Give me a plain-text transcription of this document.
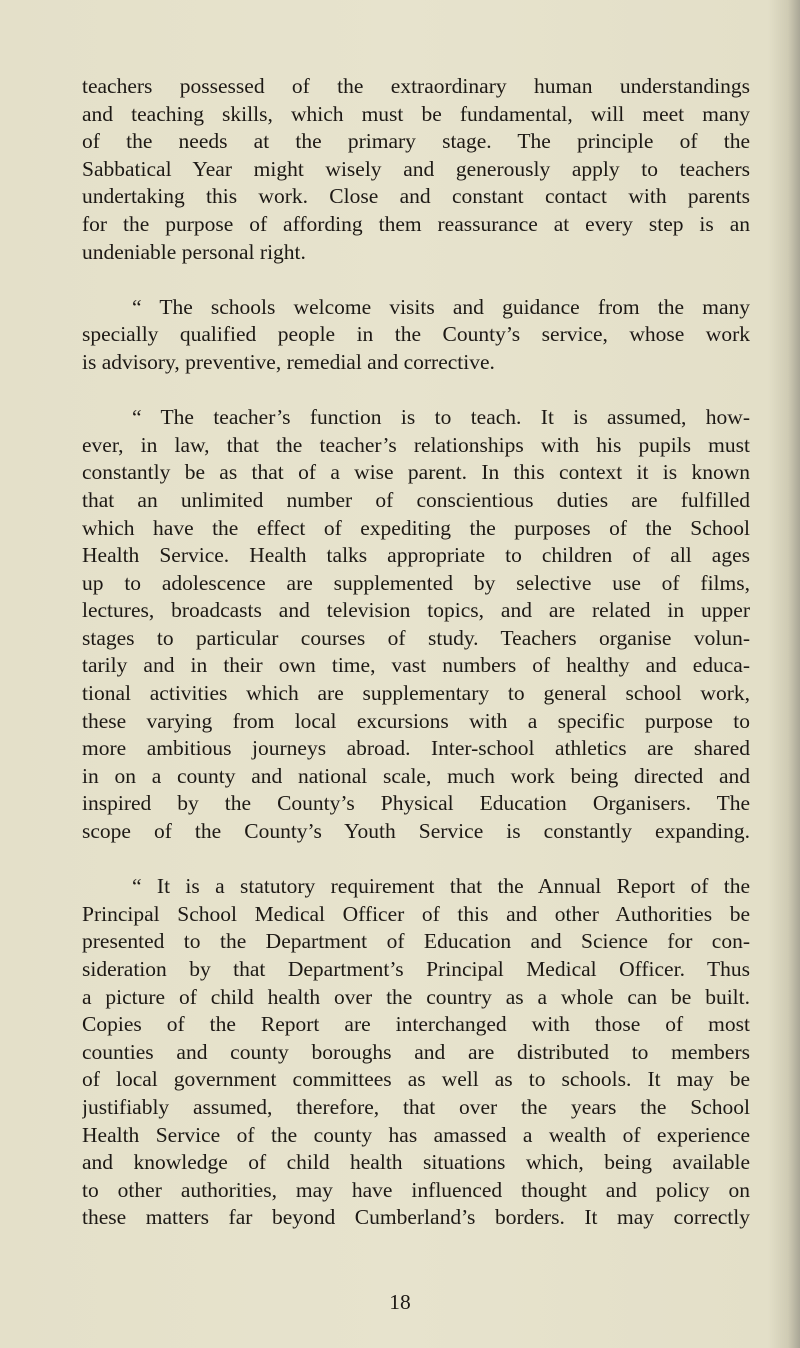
teachers possessed of the extraordinary human understandings
and teaching skills, which must be fundamental, will meet many
of the needs at the primary stage. The principle of the
Sabbatical Year might wisely and generously apply to teachers
undertaking this work. Close and constant contact with parents
for the purpose of affording them reassurance at every step is an
undeniable personal right.
“ The schools welcome visits and guidance from the many
specially qualified people in the County’s service, whose work
is advisory, preventive, remedial and corrective.
“ The teacher’s function is to teach. It is assumed, how-
ever, in law, that the teacher’s relationships with his pupils must
constantly be as that of a wise parent. In this context it is known
that an unlimited number of conscientious duties are fulfilled
which have the effect of expediting the purposes of the School
Health Service. Health talks appropriate to children of all ages
up to adolescence are supplemented by selective use of films,
lectures, broadcasts and television topics, and are related in upper
stages to particular courses of study. Teachers organise volun-
tarily and in their own time, vast numbers of healthy and educa-
tional activities which are supplementary to general school work,
these varying from local excursions with a specific purpose to
more ambitious journeys abroad. Inter-school athletics are shared
in on a county and national scale, much work being directed and
inspired by the County’s Physical Education Organisers. The
scope of the County’s Youth Service is constantly expanding.
“ It is a statutory requirement that the Annual Report of the
Principal School Medical Officer of this and other Authorities be
presented to the Department of Education and Science for con-
sideration by that Department’s Principal Medical Officer. Thus
a picture of child health over the country as a whole can be built.
Copies of the Report are interchanged with those of most
counties and county boroughs and are distributed to members
of local government committees as well as to schools. It may be
justifiably assumed, therefore, that over the years the School
Health Service of the county has amassed a wealth of experience
and knowledge of child health situations which, being available
to other authorities, may have influenced thought and policy on
these matters far beyond Cumberland’s borders. It may correctly
18
